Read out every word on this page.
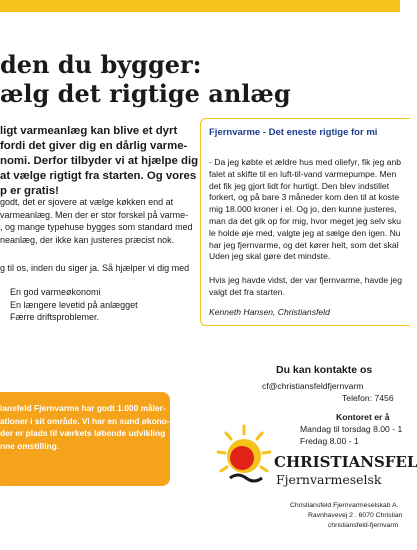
den du bygger:
ælg det rigtige anlæg

ligt varmeanlæg kan blive et dyrt
fordi det giver dig en dårlig varme-
nomi. Derfor tilbyder vi at hjælpe dig
at vælge rigtigt fra starten. Og vores
p er gratis!

godt, det er sjovere at vælge køkken end at
varmeanlæg. Men der er stor forskel på varme-
, og mange typehuse bygges som standard med
neanlæg, der ikke kan justeres præcist nok.

g til os, inden du siger ja. Så hjælper vi dig med

En god varmeøkonomi
En længere levetid på anlægget
Færre driftsproblemer.
Fjernvarme - Det eneste rigtige for mi
- Da jeg købte et ældre hus med oliefyr, fik jeg anb
falet at skifte til en luft-til-vand varmepumpe. Men
det fik jeg gjort lidt for hurtigt. Den blev indstillet
forkert, og på bare 3 måneder kom den til at koste
mig 18.000 kroner i el. Og jo, den kunne justeres,
man da det gik op for mig, hvor meget jeg selv sku
le holde øje med, valgte jeg at sælge den igen. Nu
har jeg fjernvarme, og det kører helt, som det skal
Uden jeg skal gøre det mindste.
Hvis jeg havde vidst, der var fjernvarme, havde jeg
valgt det fra starten.
Kenneth Hansen, Christiansfeld
Du kan kontakte os
cf@christiansfeldfjernvarm
Telefon: 7456
Kontoret er å
Mandag til torsdag 8.00 - 1
Fredag 8.00 - 1
iansfeld Fjernvarme har godt 1.000 måler-
ationer i sit område. Vi har en sund økono-
der er plads til værkets løbende udvikling
nne omstilling.
CHRISTIANSFEL
Fjernvarmeselsk
Christiansfeld Fjernvarmeselskab A.
Ravnhavevej 2 . 6070 Christian
christiansfeld-fjernvarm
